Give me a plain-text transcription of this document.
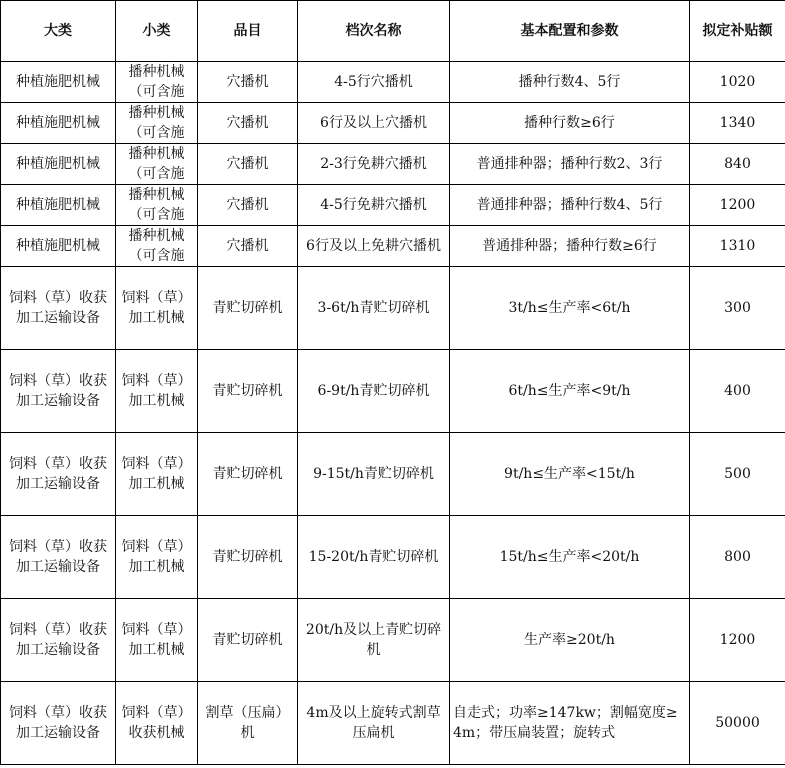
大类	小类	品目	档次名称	基本配置和参数	拟定补贴额
种植施肥机械	播种机械（可含施	穴播机	4-5行穴播机	播种行数4、5行	1020
种植施肥机械	播种机械（可含施	穴播机	6行及以上穴播机	播种行数≥6行	1340
种植施肥机械	播种机械（可含施	穴播机	2-3行免耕穴播机	普通排种器；播种行数2、3行	840
种植施肥机械	播种机械（可含施	穴播机	4-5行免耕穴播机	普通排种器；播种行数4、5行	1200
种植施肥机械	播种机械（可含施	穴播机	6行及以上免耕穴播机	普通排种器；播种行数≥6行	1310
饲料（草）收获加工运输设备	饲料（草）加工机械	青贮切碎机	3-6t/h青贮切碎机	3t/h≤生产率<6t/h	300
饲料（草）收获加工运输设备	饲料（草）加工机械	青贮切碎机	6-9t/h青贮切碎机	6t/h≤生产率<9t/h	400
饲料（草）收获加工运输设备	饲料（草）加工机械	青贮切碎机	9-15t/h青贮切碎机	9t/h≤生产率<15t/h	500
饲料（草）收获加工运输设备	饲料（草）加工机械	青贮切碎机	15-20t/h青贮切碎机	15t/h≤生产率<20t/h	800
饲料（草）收获加工运输设备	饲料（草）加工机械	青贮切碎机	20t/h及以上青贮切碎机	生产率≥20t/h	1200
饲料（草）收获加工运输设备	饲料（草）收获机械	割草（压扁）机	4m及以上旋转式割草压扁机	自走式；功率≥147kw；割幅宽度≥4m；带压扁装置；旋转式	50000
